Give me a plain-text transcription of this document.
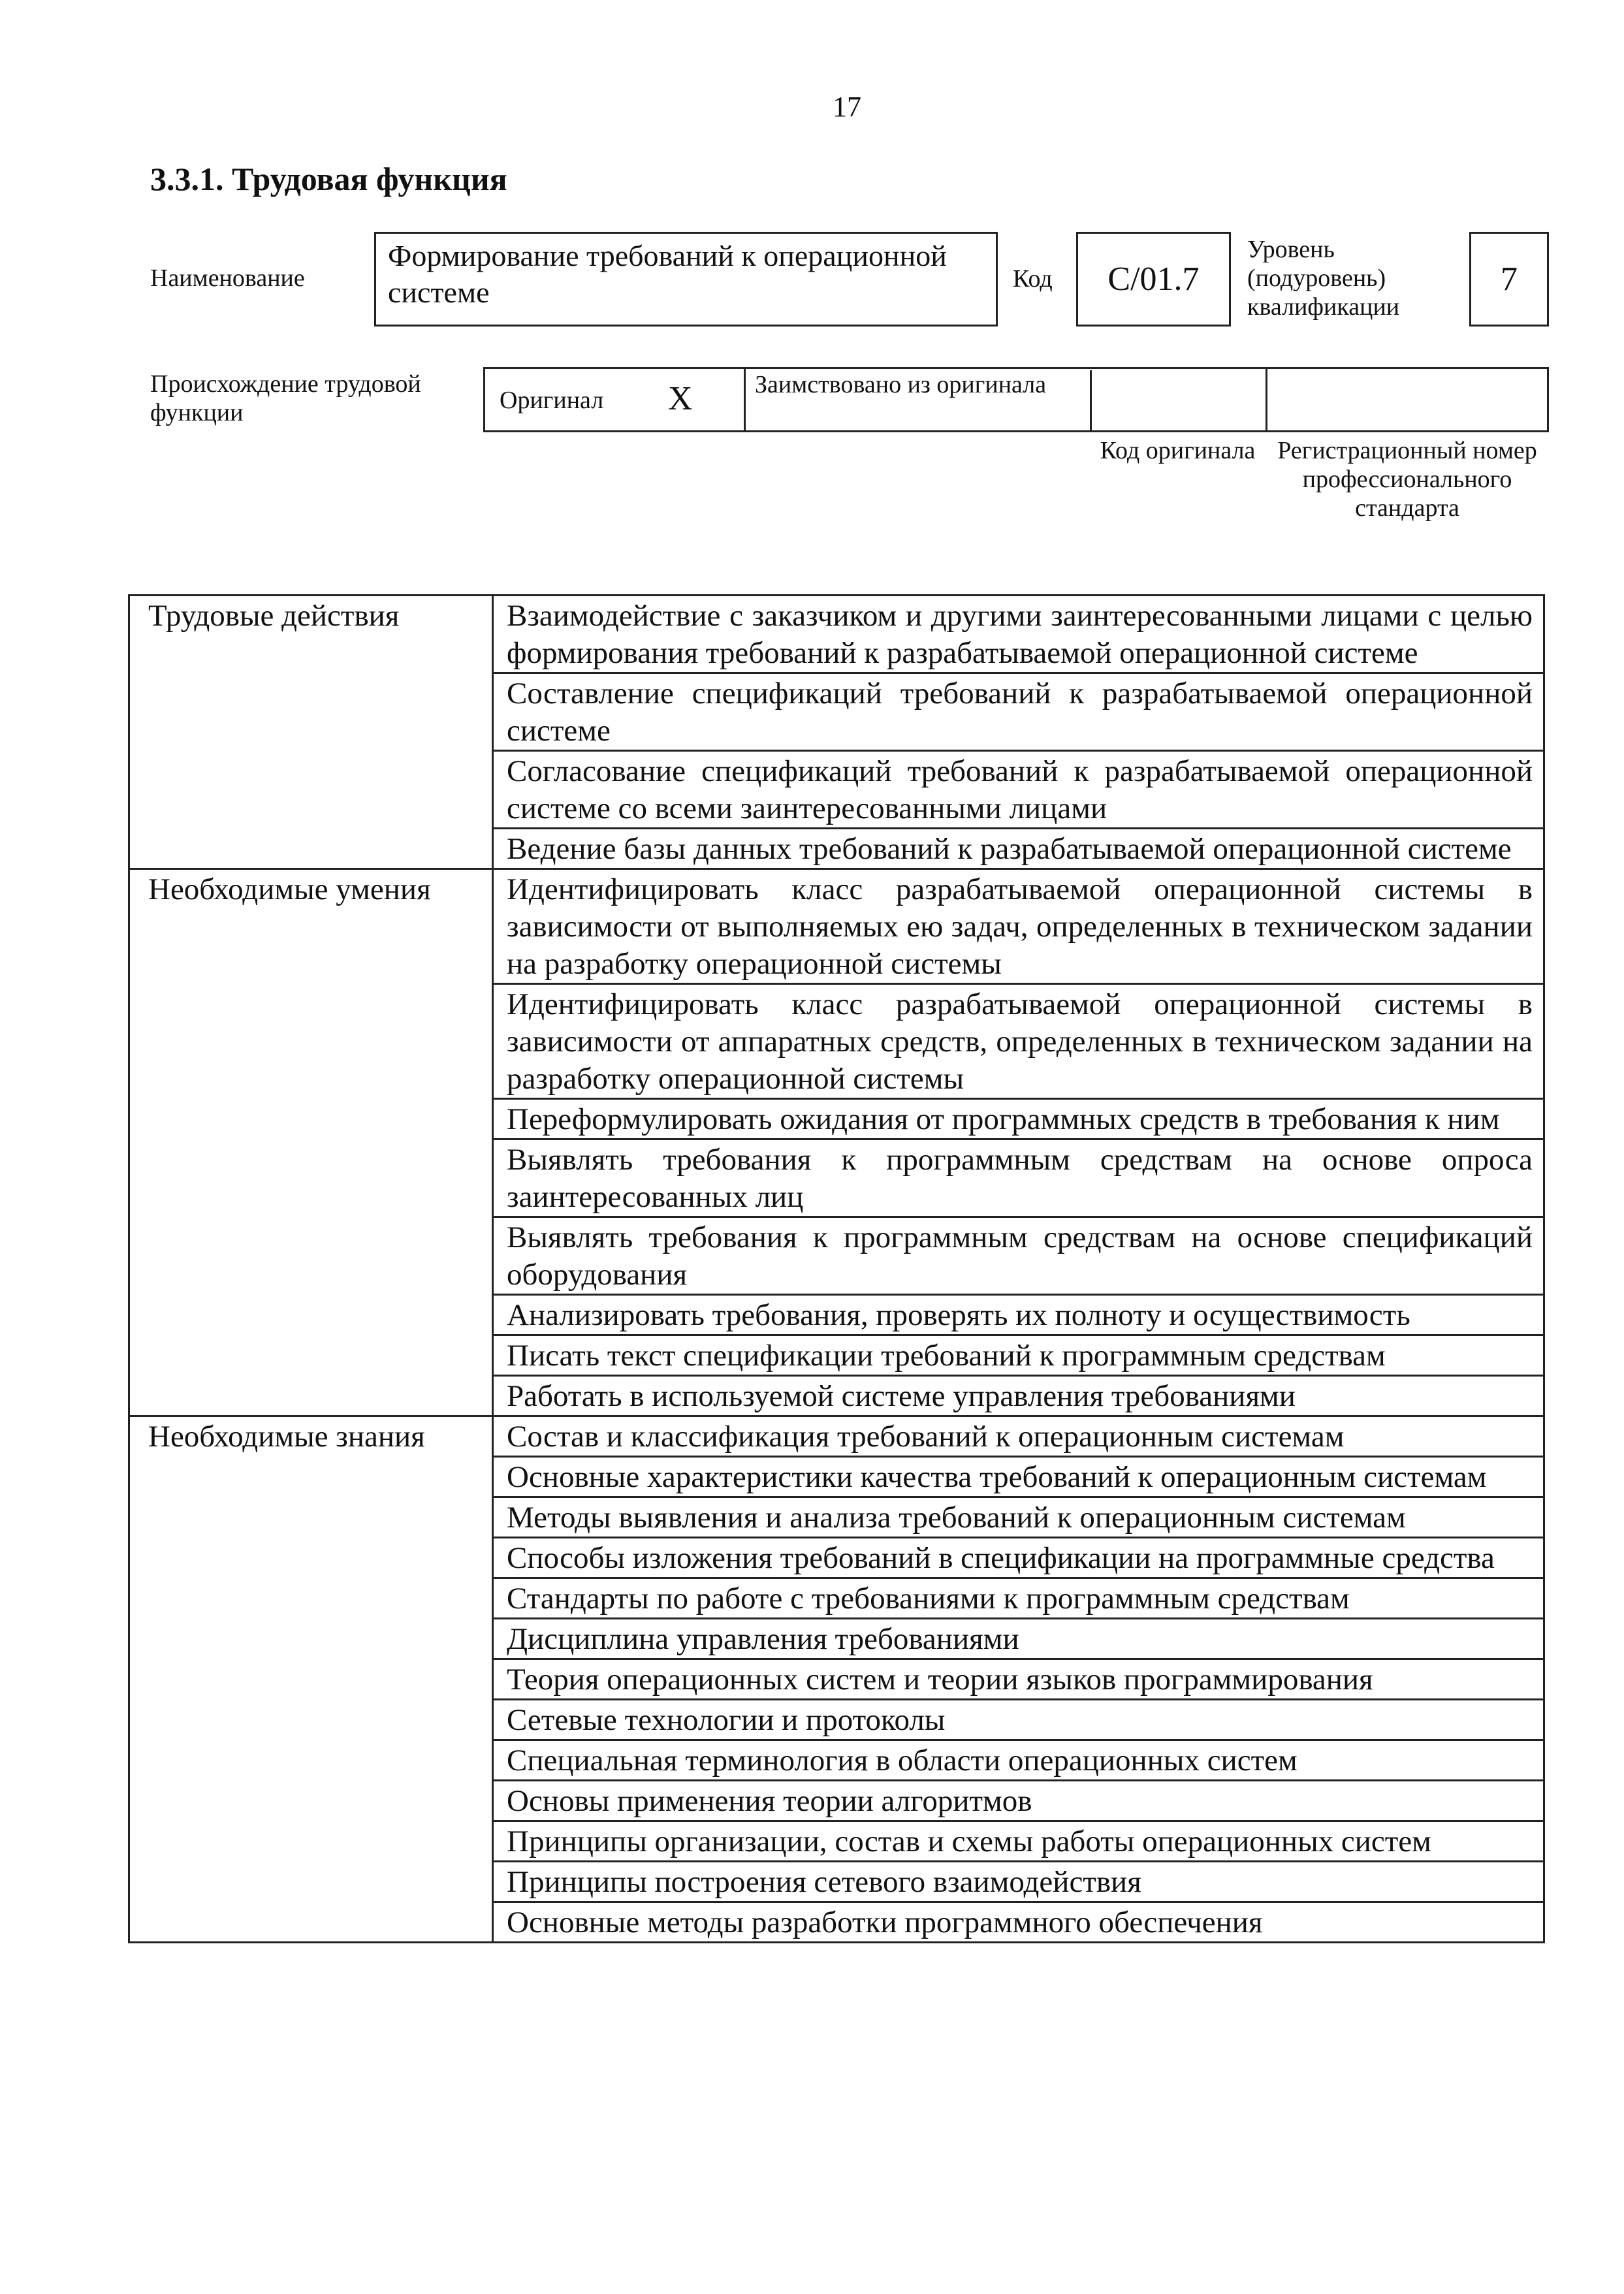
17
3.3.1. Трудовая функция
Наименование
Формирование требований к операционной системе	Код C/01.7
Уровень (подуровень) квалификации
7
Происхождение трудовой функции	Оригинал X	Заимствовано из оригинала
Код оригинала Регистрационный номер профессионального стандарта
Трудовые действия	Взаимодействие с заказчиком и другими заинтересованными лицами с целью формирования требований к разрабатываемой операционной системе
	Составление спецификаций требований к разрабатываемой операционной системе
	Согласование спецификаций требований к разрабатываемой операционной системе со всеми заинтересованными лицами
	Ведение базы данных требований к разрабатываемой операционной системе
Необходимые умения	Идентифицировать класс разрабатываемой операционной системы в зависимости от выполняемых ею задач, определенных в техническом задании на разработку операционной системы
	Идентифицировать класс разрабатываемой операционной системы в зависимости от аппаратных средств, определенных в техническом задании на разработку операционной системы
	Переформулировать ожидания от программных средств в требования к ним
	Выявлять требования к программным средствам на основе опроса заинтересованных лиц
	Выявлять требования к программным средствам на основе спецификаций оборудования
	Анализировать требования, проверять их полноту и осуществимость
	Писать текст спецификации требований к программным средствам
	Работать в используемой системе управления требованиями
Необходимые знания	Состав и классификация требований к операционным системам
	Основные характеристики качества требований к операционным системам
	Методы выявления и анализа требований к операционным системам
	Способы изложения требований в спецификации на программные средства
	Стандарты по работе с требованиями к программным средствам
	Дисциплина управления требованиями
	Теория операционных систем и теории языков программирования
	Сетевые технологии и протоколы
	Специальная терминология в области операционных систем
	Основы применения теории алгоритмов
	Принципы организации, состав и схемы работы операционных систем
	Принципы построения сетевого взаимодействия
	Основные методы разработки программного обеспечения
